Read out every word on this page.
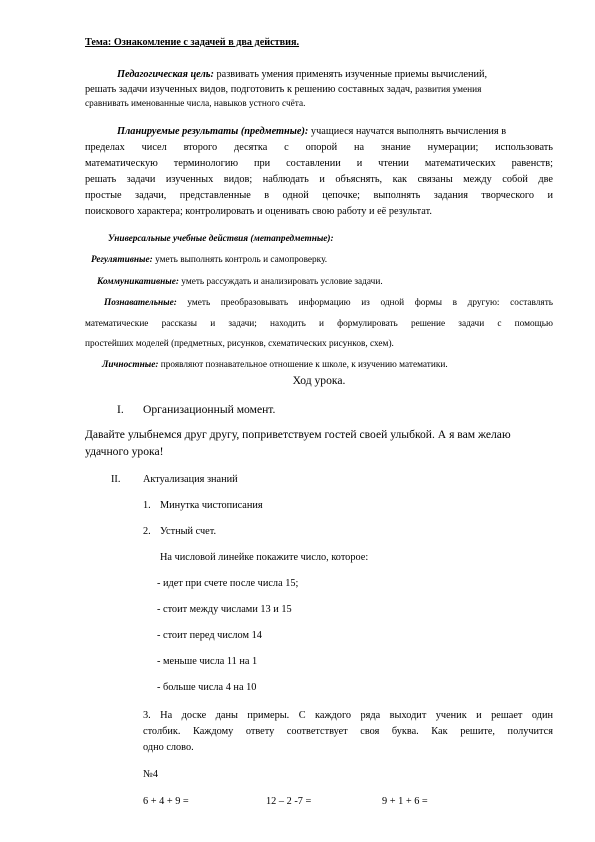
Тема: Ознакомление с задачей в два действия.
Педагогическая цель: развивать умения применять изученные приемы вычислений,
решать задачи изученных видов, подготовить к решению составных задач, развития умения
сравнивать именованные числа, навыков устного счёта.
Планируемые результаты (предметные): учащиеся научатся выполнять вычисления в
пределах чисел второго десятка с опорой на знание нумерации; использовать
математическую терминологию при составлении и чтении математических равенств;
решать задачи изученных видов; наблюдать и объяснять, как связаны между собой две
простые задачи, представленные в одной цепочке; выполнять задания творческого и
поискового характера; контролировать и оценивать свою работу и её результат.
Универсальные учебные действия (метапредметные):
Регулятивные: уметь выполнять контроль и самопроверку.
Коммуникативные: уметь рассуждать и анализировать условие задачи.
Познавательные: уметь преобразовывать информацию из одной формы в другую: составлять
математические рассказы и задачи; находить и формулировать решение задачи с помощью
простейших моделей (предметных, рисунков, схематических рисунков, схем).
Личностные: проявляют познавательное отношение к школе, к изучению математики.
Ход урока.
I. Организационный момент.
Давайте улыбнемся друг другу, поприветствуем гостей своей улыбкой. А я вам желаю
удачного урока!
II. Актуализация знаний
1. Минутка чистописания
2. Устный счет.
На числовой линейке покажите число, которое:
- идет при счете после числа 15;
- стоит между числами 13 и 15
- стоит перед числом 14
- меньше числа 11 на 1
- больше числа 4 на 10
3. На доске даны примеры. С каждого ряда выходит ученик и решает один
столбик. Каждому ответу соответствует своя буква. Как решите, получится
одно слово.
№4
6 + 4 + 9 =	12 – 2 -7 =	9 + 1 + 6 =
